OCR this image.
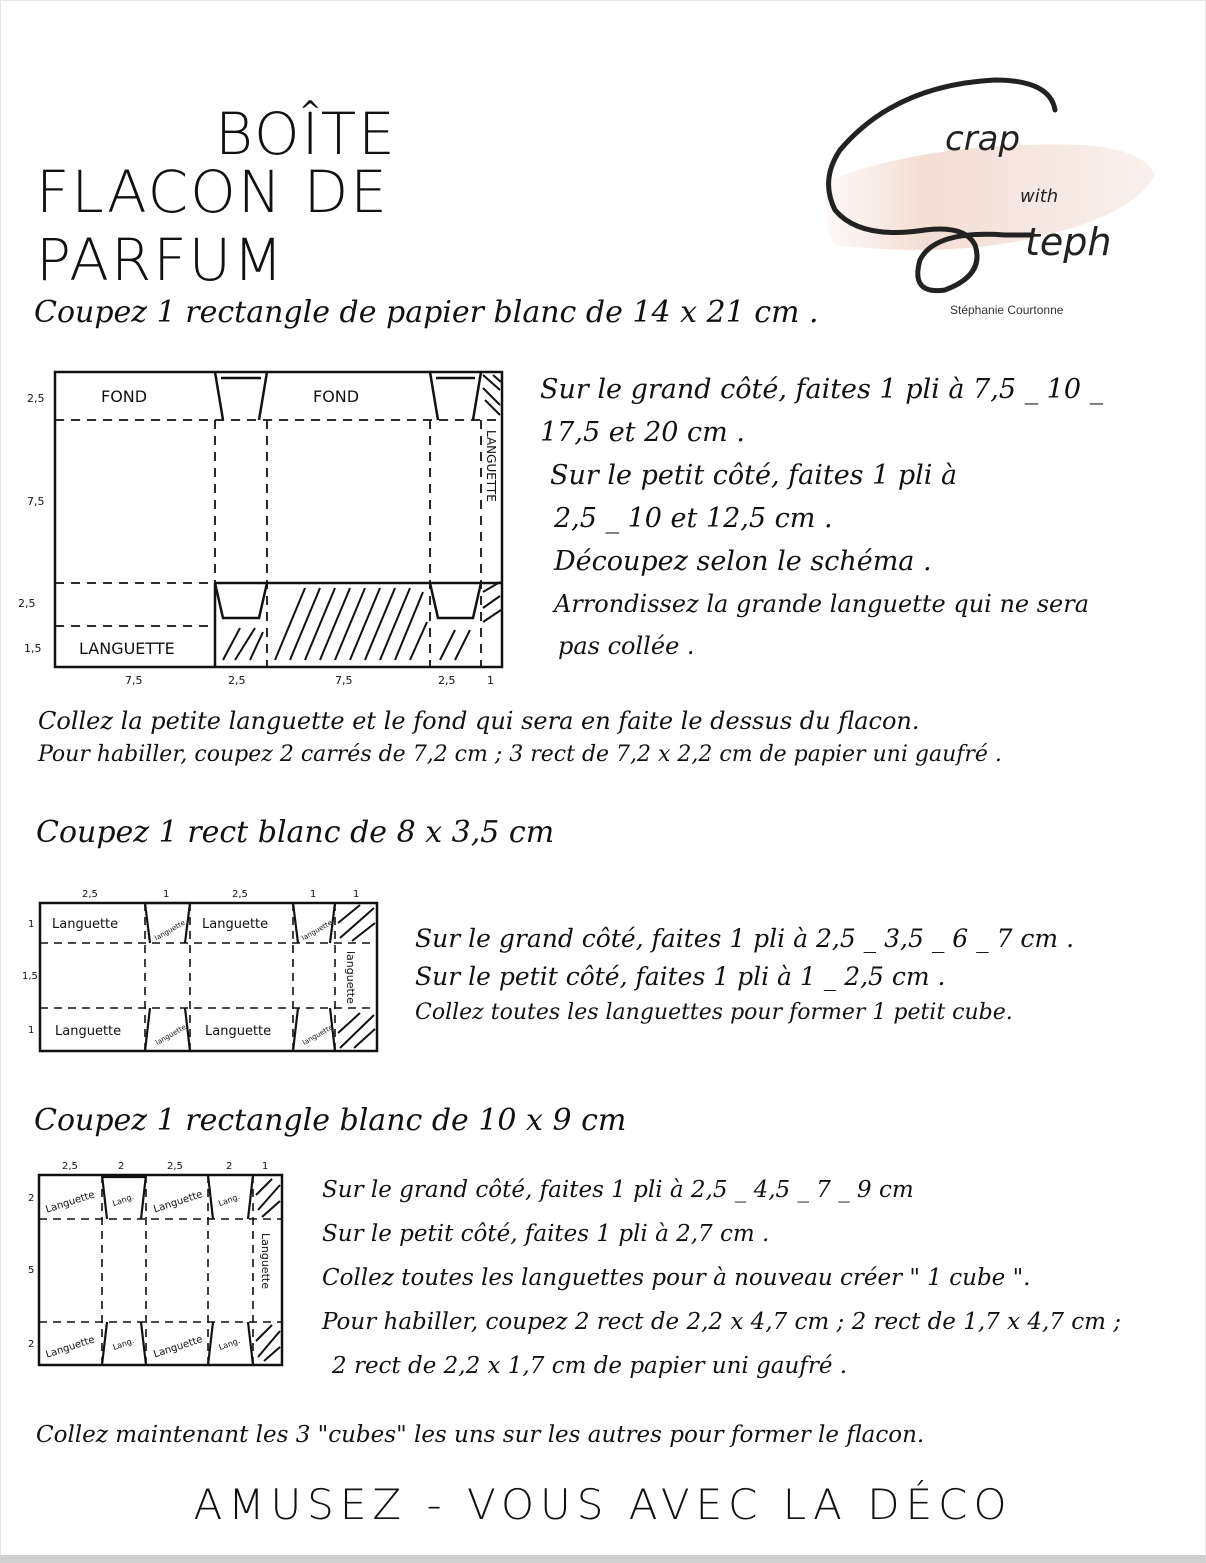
BOÎTE
FLACON DE PARFUM
crap
with
teph
Stéphanie Courtonne
Coupez 1 rectangle de papier blanc de 14 x 21 cm .
2,5
7,5
2,5
1,5
7,5	2,5	7,5	2,5	1
FOND	FOND
LANGUETTE
LANGUETTE
Sur le grand côté, faites 1 pli à 7,5 _ 10 _
17,5 et 20 cm .
Sur le petit côté, faites 1 pli à
2,5 _ 10 et 12,5 cm .
Découpez selon le schéma .
Arrondissez la grande languette qui ne sera
pas collée .
Collez la petite languette et le fond qui sera en faite le dessus du flacon.
Pour habiller, coupez 2 carrés de 7,2 cm ; 3 rect de 7,2 x 2,2 cm de papier uni gaufré .
Coupez 1 rect blanc de 8 x 3,5 cm
2,5	1	2,5	1	1
1
1,5
1
Languette	languette Languette	languette
languette
Languette	languette Languette	languette
Sur le grand côté, faites 1 pli à 2,5 _ 3,5 _ 6 _ 7 cm .
Sur le petit côté, faites 1 pli à 1 _ 2,5 cm .
Collez toutes les languettes pour former 1 petit cube.
Coupez 1 rectangle blanc de 10 x 9 cm
2,5	2	2,5	2	1
2
5
2
Languette Lang. Languette Lang.
Languette
Languette Lang. Languette Lang.
Sur le grand côté, faites 1 pli à 2,5 _ 4,5 _ 7 _ 9 cm
Sur le petit côté, faites 1 pli à 2,7 cm .
Collez toutes les languettes pour à nouveau créer " 1 cube ".
Pour habiller, coupez 2 rect de 2,2 x 4,7 cm ; 2 rect de 1,7 x 4,7 cm ;
2 rect de 2,2 x 1,7 cm de papier uni gaufré .
Collez maintenant les 3 "cubes" les uns sur les autres pour former le flacon.
AMUSEZ - VOUS AVEC LA DÉCO
